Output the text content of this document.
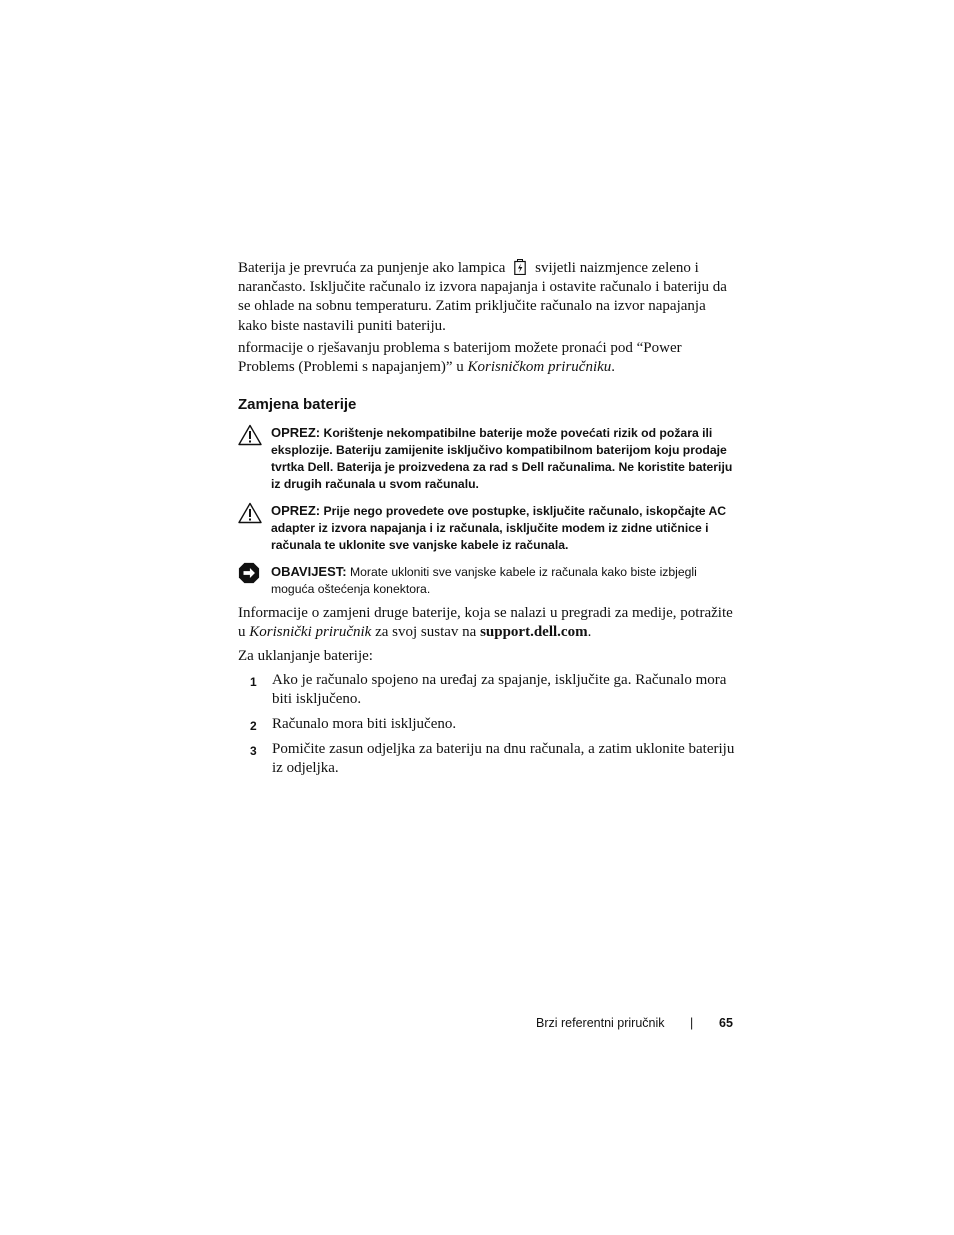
Baterija je prevruća za punjenje ako lampica svijetli naizmjence zeleno i narančasto. Isključite računalo iz izvora napajanja i ostavite računalo i bateriju da se ohlade na sobnu temperaturu. Zatim priključite računalo na izvor napajanja kako biste nastavili puniti bateriju.

nformacije o rješavanju problema s baterijom možete pronaći pod “Power Problems (Problemi s napajanjem)” u Korisničkom priručniku.

Zamjena baterije
OPREZ: Korištenje nekompatibilne baterije može povećati rizik od požara ili eksplozije. Bateriju zamijenite isključivo kompatibilnom baterijom koju prodaje tvrtka Dell. Baterija je proizvedena za rad s Dell računalima. Ne koristite bateriju iz drugih računala u svom računalu.
OPREZ: Prije nego provedete ove postupke, isključite računalo, iskopčajte AC adapter iz izvora napajanja i iz računala, isključite modem iz zidne utičnice i računala te uklonite sve vanjske kabele iz računala.
OBAVIJEST: Morate ukloniti sve vanjske kabele iz računala kako biste izbjegli moguća oštećenja konektora.

Informacije o zamjeni druge baterije, koja se nalazi u pregradi za medije, potražite u Korisnički priručnik za svoj sustav na support.dell.com.

Za uklanjanje baterije:
1 Ako je računalo spojeno na uređaj za spajanje, isključite ga. Računalo mora biti isključeno.
2 Računalo mora biti isključeno.
3 Pomičite zasun odjeljka za bateriju na dnu računala, a zatim uklonite bateriju iz odjeljka.
Brzi referentni priručnik | 65
